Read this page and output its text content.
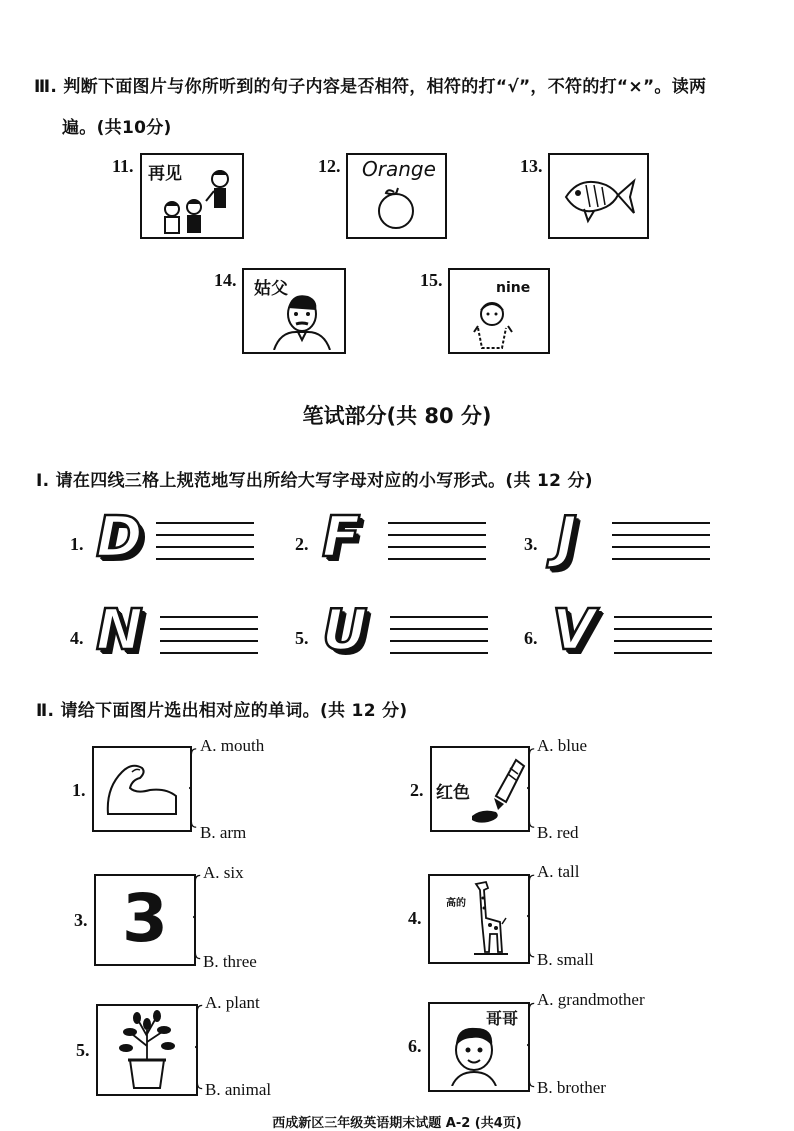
Ⅲ. 判断下面图片与你所听到的句子内容是否相符，相符的打“√”，不符的打“×”。读两
遍。(共10分)
11. 再见	12. Orange	13.
14. 姑父	15.	nine
笔试部分(共 80 分)
Ⅰ. 请在四线三格上规范地写出所给大写字母对应的小写形式。(共 12 分)
1. D	2. F	3. J
4. N	5. U	6. V
Ⅱ. 请给下面图片选出相对应的单词。(共 12 分)
1.
A. mouth
B. arm
2. 红色
A. blue
B. red
3. 3
A. six
B. three
4.
高的
A. tall
B. small
5.
A. plant
B. animal
6.
哥哥
A. grandmother
B. brother
西成新区三年级英语期末试题 A-2 (共4页)
